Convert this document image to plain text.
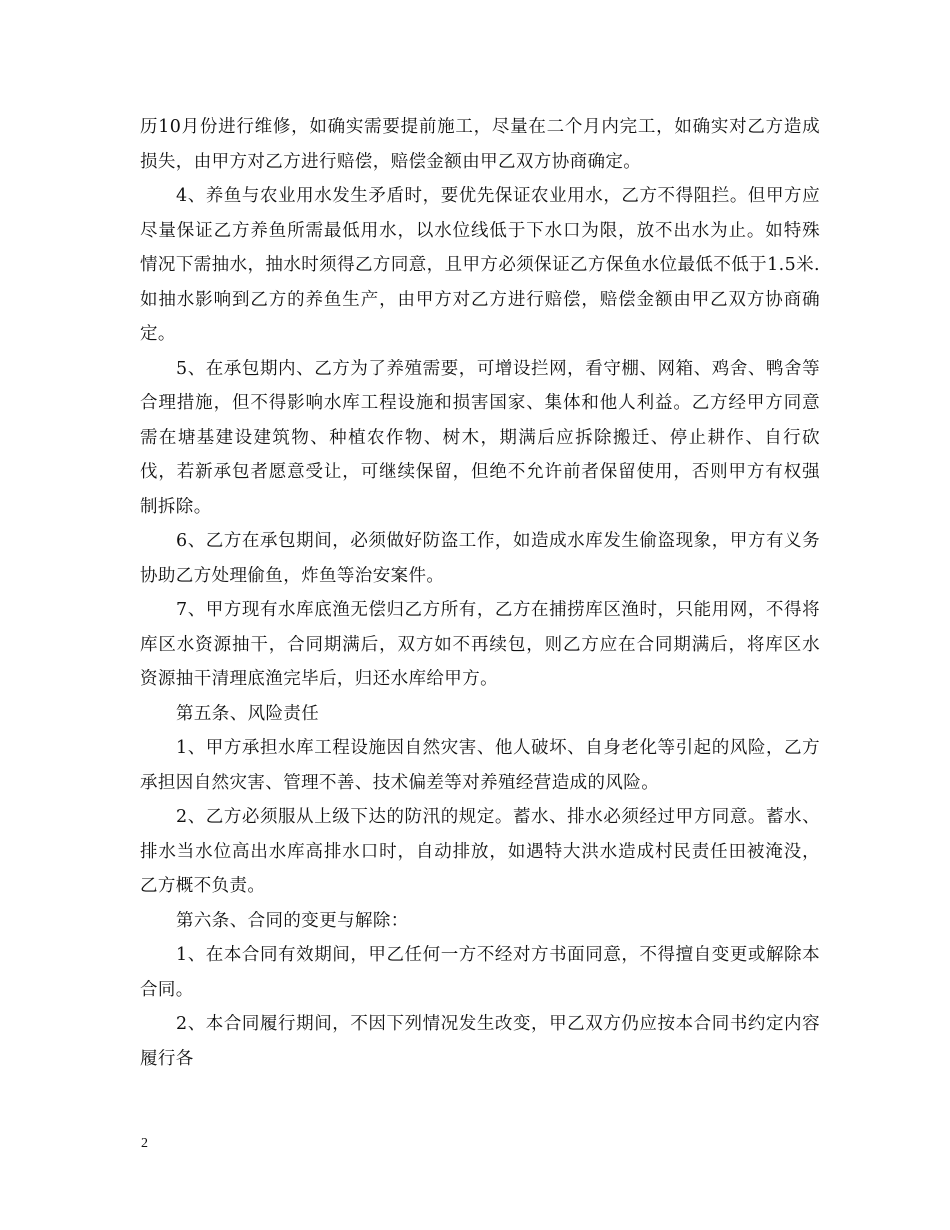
历10月份进行维修，如确实需要提前施工，尽量在二个月内完工，如确实对乙方造成损失，由甲方对乙方进行赔偿，赔偿金额由甲乙双方协商确定。

4、养鱼与农业用水发生矛盾时，要优先保证农业用水，乙方不得阻拦。但甲方应尽量保证乙方养鱼所需最低用水，以水位线低于下水口为限，放不出水为止。如特殊情况下需抽水，抽水时须得乙方同意，且甲方必须保证乙方保鱼水位最低不低于1.5米. 如抽水影响到乙方的养鱼生产，由甲方对乙方进行赔偿，赔偿金额由甲乙双方协商确定。

5、在承包期内、乙方为了养殖需要，可增设拦网，看守棚、网箱、鸡舍、鸭舍等合理措施，但不得影响水库工程设施和损害国家、集体和他人利益。乙方经甲方同意需在塘基建设建筑物、种植农作物、树木，期满后应拆除搬迁、停止耕作、自行砍伐，若新承包者愿意受让，可继续保留，但绝不允许前者保留使用，否则甲方有权强制拆除。

6、乙方在承包期间，必须做好防盗工作，如造成水库发生偷盗现象，甲方有义务协助乙方处理偷鱼，炸鱼等治安案件。

7、甲方现有水库底渔无偿归乙方所有，乙方在捕捞库区渔时，只能用网，不得将库区水资源抽干，合同期满后，双方如不再续包，则乙方应在合同期满后，将库区水资源抽干清理底渔完毕后，归还水库给甲方。

第五条、风险责任

1、甲方承担水库工程设施因自然灾害、他人破坏、自身老化等引起的风险，乙方承担因自然灾害、管理不善、技术偏差等对养殖经营造成的风险。

2、乙方必须服从上级下达的防汛的规定。蓄水、排水必须经过甲方同意。蓄水、排水当水位高出水库高排水口时，自动排放，如遇特大洪水造成村民责任田被淹没，乙方概不负责。

第六条、合同的变更与解除：

1、在本合同有效期间，甲乙任何一方不经对方书面同意，不得擅自变更或解除本合同。

2、本合同履行期间，不因下列情况发生改变，甲乙双方仍应按本合同书约定内容履行各

2
